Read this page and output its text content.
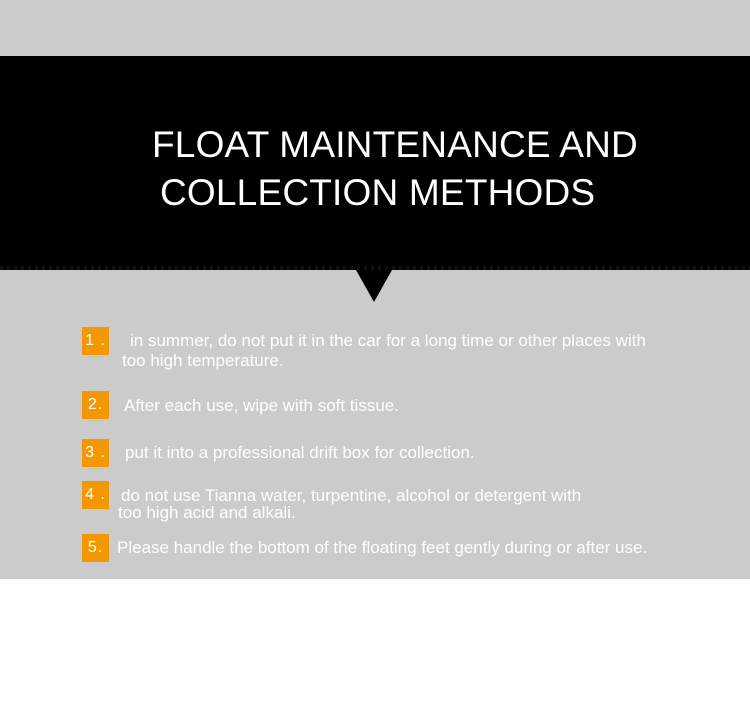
FLOAT MAINTENANCE AND
COLLECTION METHODS
1 . in summer, do not put it in the car for a long time or other places with
too high temperature.
2.	After each use, wipe with soft tissue.
3 . put it into a professional drift box for collection.
4 . do not use Tianna water, turpentine, alcohol or detergent with
too high acid and alkali.
5. Please handle the bottom of the floating feet gently during or after use.
